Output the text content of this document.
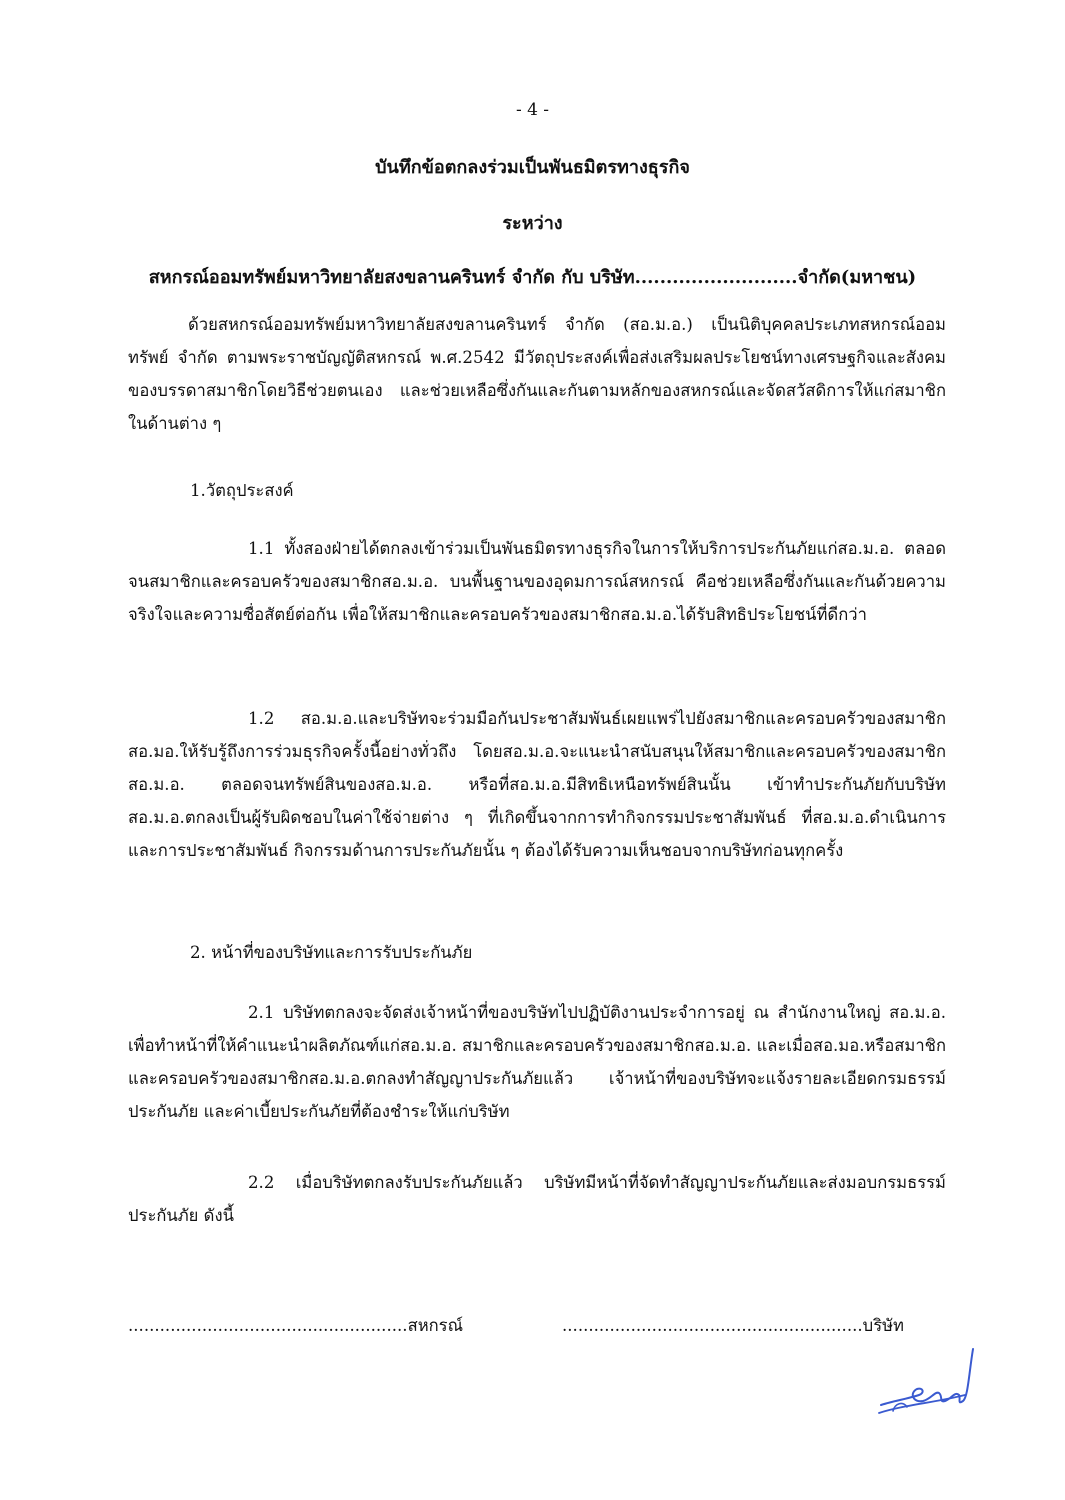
- 4 -
บันทึกข้อตกลงร่วมเป็นพันธมิตรทางธุรกิจ
ระหว่าง
สหกรณ์ออมทรัพย์มหาวิทยาลัยสงขลานครินทร์ จำกัด กับ บริษัท..........................จำกัด(มหาชน)
ด้วยสหกรณ์ออมทรัพย์มหาวิทยาลัยสงขลานครินทร์ จำกัด (สอ.ม.อ.) เป็นนิติบุคคลประเภทสหกรณ์ออมทรัพย์ จำกัด ตามพระราชบัญญัติสหกรณ์ พ.ศ.2542 มีวัตถุประสงค์เพื่อส่งเสริมผลประโยชน์ทางเศรษฐกิจและสังคมของบรรดาสมาชิกโดยวิธีช่วยตนเอง และช่วยเหลือซึ่งกันและกันตามหลักของสหกรณ์และจัดสวัสดิการให้แก่สมาชิกในด้านต่าง ๆ
1.วัตถุประสงค์
1.1 ทั้งสองฝ่ายได้ตกลงเข้าร่วมเป็นพันธมิตรทางธุรกิจในการให้บริการประกันภัยแก่สอ.ม.อ. ตลอดจนสมาชิกและครอบครัวของสมาชิกสอ.ม.อ. บนพื้นฐานของอุดมการณ์สหกรณ์ คือช่วยเหลือซึ่งกันและกันด้วยความจริงใจและความซื่อสัตย์ต่อกัน เพื่อให้สมาชิกและครอบครัวของสมาชิกสอ.ม.อ.ได้รับสิทธิประโยชน์ที่ดีกว่า
1.2 สอ.ม.อ.และบริษัทจะร่วมมือกันประชาสัมพันธ์เผยแพร่ไปยังสมาชิกและครอบครัวของสมาชิกสอ.มอ.ให้รับรู้ถึงการร่วมธุรกิจครั้งนี้อย่างทั่วถึง โดยสอ.ม.อ.จะแนะนำสนับสนุนให้สมาชิกและครอบครัวของสมาชิกสอ.ม.อ. ตลอดจนทรัพย์สินของสอ.ม.อ. หรือที่สอ.ม.อ.มีสิทธิเหนือทรัพย์สินนั้น เข้าทำประกันภัยกับบริษัท สอ.ม.อ.ตกลงเป็นผู้รับผิดชอบในค่าใช้จ่ายต่าง ๆ ที่เกิดขึ้นจากการทำกิจกรรมประชาสัมพันธ์ ที่สอ.ม.อ.ดำเนินการและการประชาสัมพันธ์ กิจกรรมด้านการประกันภัยนั้น ๆ ต้องได้รับความเห็นชอบจากบริษัทก่อนทุกครั้ง
2. หน้าที่ของบริษัทและการรับประกันภัย
2.1 บริษัทตกลงจะจัดส่งเจ้าหน้าที่ของบริษัทไปปฏิบัติงานประจำการอยู่ ณ สำนักงานใหญ่ สอ.ม.อ. เพื่อทำหน้าที่ให้คำแนะนำผลิตภัณฑ์แก่สอ.ม.อ. สมาชิกและครอบครัวของสมาชิกสอ.ม.อ. และเมื่อสอ.มอ.หรือสมาชิกและครอบครัวของสมาชิกสอ.ม.อ.ตกลงทำสัญญาประกันภัยแล้ว เจ้าหน้าที่ของบริษัทจะแจ้งรายละเอียดกรมธรรม์ประกันภัย และค่าเบี้ยประกันภัยที่ต้องชำระให้แก่บริษัท
2.2 เมื่อบริษัทตกลงรับประกันภัยแล้ว บริษัทมีหน้าที่จัดทำสัญญาประกันภัยและส่งมอบกรมธรรม์ประกันภัย ดังนี้
.....................................................สหกรณ์	.........................................................บริษัท
